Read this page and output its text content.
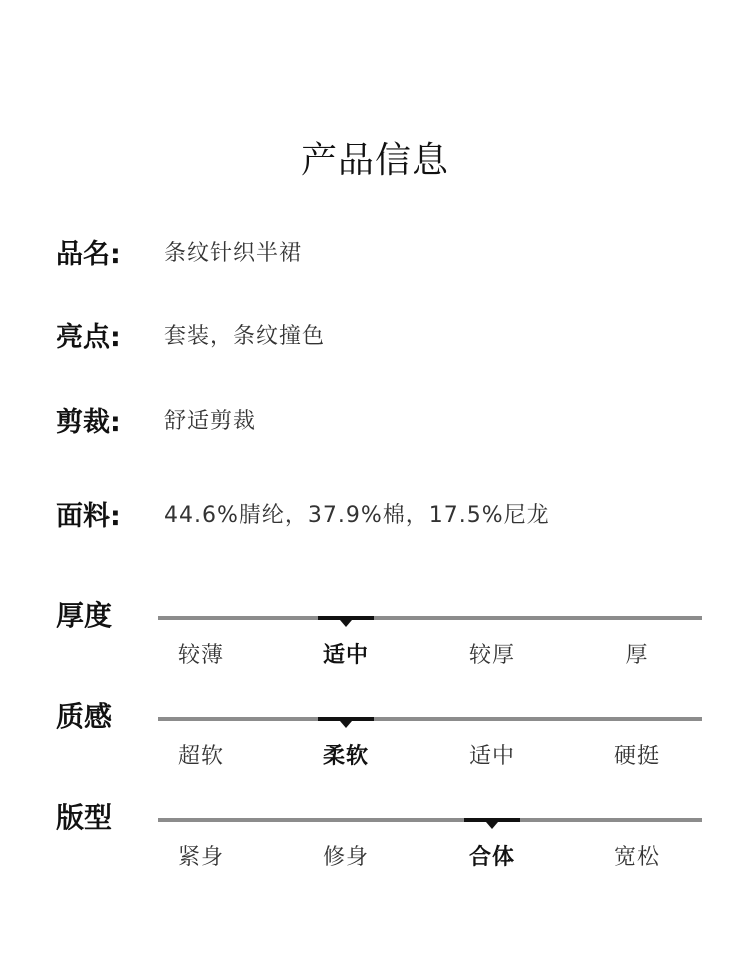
产品信息
品名:	条纹针织半裙
亮点:	套装，条纹撞色
剪裁:	舒适剪裁
面料:	44.6%腈纶，37.9%棉，17.5%尼龙
厚度
较薄	适中	较厚	厚
质感
超软	柔软	适中	硬挺
版型
紧身	修身	合体	宽松
